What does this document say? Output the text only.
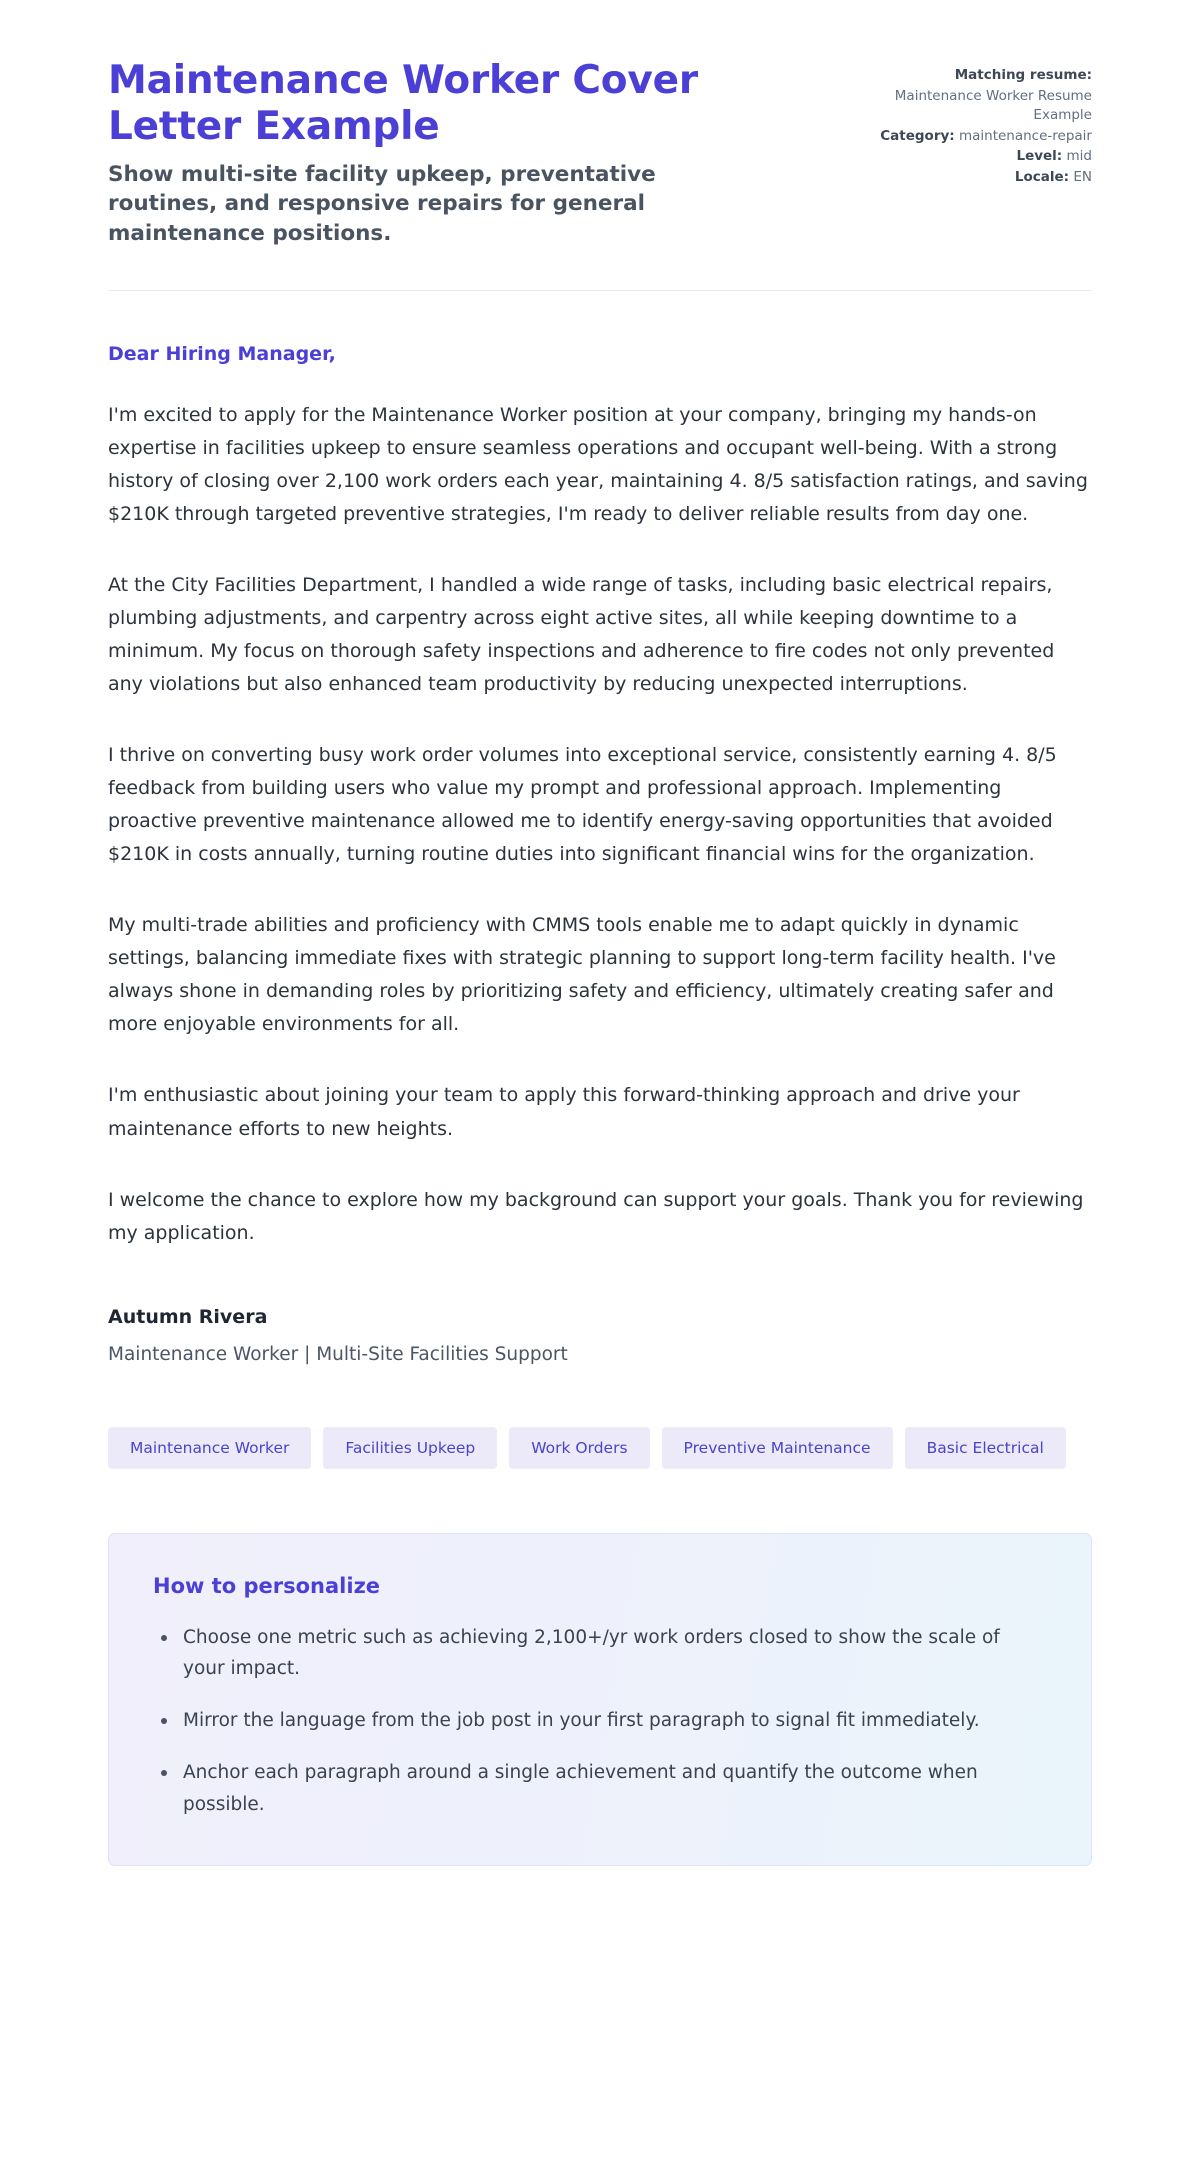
Maintenance Worker Cover Letter Example

Show multi-site facility upkeep, preventative routines, and responsive repairs for general maintenance positions.

Matching resume:
Maintenance Worker Resume Example
Category: maintenance-repair
Level: mid
Locale: EN

Dear Hiring Manager,

I'm excited to apply for the Maintenance Worker position at your company, bringing my hands-on expertise in facilities upkeep to ensure seamless operations and occupant well-being. With a strong history of closing over 2,100 work orders each year, maintaining 4. 8/5 satisfaction ratings, and saving $210K through targeted preventive strategies, I'm ready to deliver reliable results from day one.

At the City Facilities Department, I handled a wide range of tasks, including basic electrical repairs, plumbing adjustments, and carpentry across eight active sites, all while keeping downtime to a minimum. My focus on thorough safety inspections and adherence to fire codes not only prevented any violations but also enhanced team productivity by reducing unexpected interruptions.

I thrive on converting busy work order volumes into exceptional service, consistently earning 4. 8/5 feedback from building users who value my prompt and professional approach. Implementing proactive preventive maintenance allowed me to identify energy-saving opportunities that avoided $210K in costs annually, turning routine duties into significant financial wins for the organization.

My multi-trade abilities and proficiency with CMMS tools enable me to adapt quickly in dynamic settings, balancing immediate fixes with strategic planning to support long-term facility health. I've always shone in demanding roles by prioritizing safety and efficiency, ultimately creating safer and more enjoyable environments for all.

I'm enthusiastic about joining your team to apply this forward-thinking approach and drive your maintenance efforts to new heights.

I welcome the chance to explore how my background can support your goals. Thank you for reviewing my application.

Autumn Rivera

Maintenance Worker | Multi-Site Facilities Support

Maintenance Worker	Facilities Upkeep	Work Orders	Preventive Maintenance	Basic Electrical

How to personalize

Choose one metric such as achieving 2,100+/yr work orders closed to show the scale of your impact.
Mirror the language from the job post in your first paragraph to signal fit immediately.
Anchor each paragraph around a single achievement and quantify the outcome when possible.
